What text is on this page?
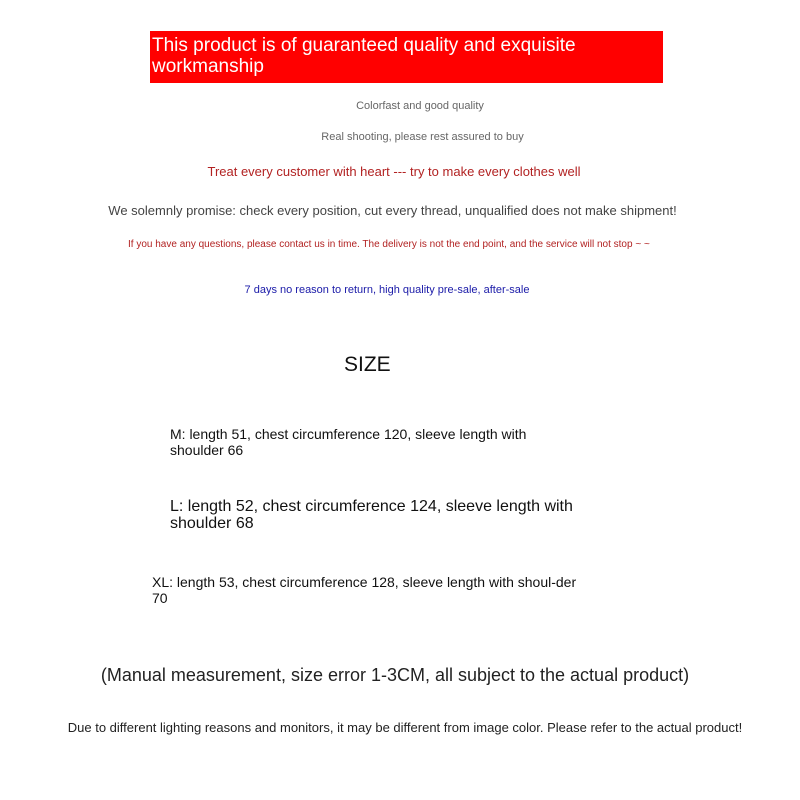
This product is of guaranteed quality and exquisite workmanship
Colorfast and good quality
Real shooting, please rest assured to buy
Treat every customer with heart --- try to make every clothes well
We solemnly promise: check every position, cut every thread, unqualified does not make shipment!
If you have any questions, please contact us in time. The delivery is not the end point, and the service will not stop ~ ~
7 days no reason to return, high quality pre-sale, after-sale
SIZE
M: length 51, chest circumference 120, sleeve length with shoulder 66
L: length 52, chest circumference 124, sleeve length with shoulder 68
XL: length 53, chest circumference 128, sleeve length with shoul-der 70
(Manual measurement, size error 1-3CM, all subject to the actual product)
Due to different lighting reasons and monitors, it may be different from image color. Please refer to the actual product!
